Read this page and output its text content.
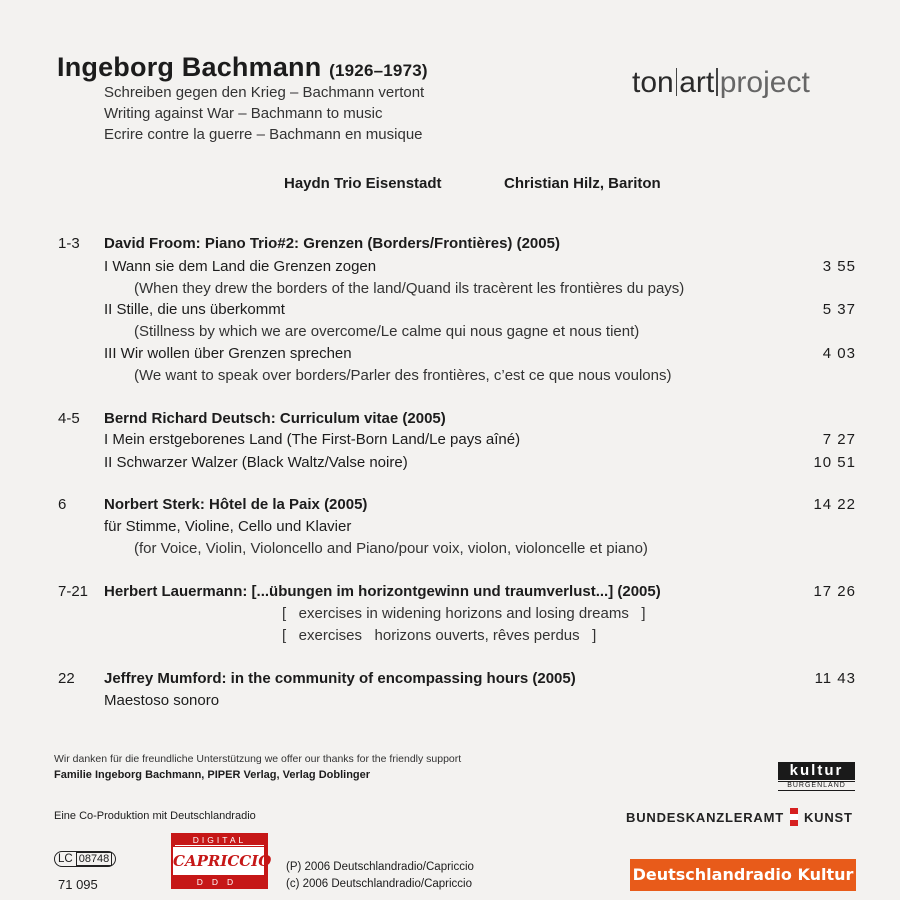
Ingeborg Bachmann (1926–1973)
Schreiben gegen den Krieg – Bachmann vertont
Writing against War – Bachmann to music
Ecrire contre la guerre – Bachmann en musique
ton art project
Haydn Trio Eisenstadt	Christian Hilz, Bariton
1-3 David Froom: Piano Trio#2: Grenzen (Borders/Frontières) (2005)
I Wann sie dem Land die Grenzen zogen	3 55
(When they drew the borders of the land/Quand ils tracèrent les frontières du pays)
II Stille, die uns überkommt	5 37
(Stillness by which we are overcome/Le calme qui nous gagne et nous tient)
III Wir wollen über Grenzen sprechen	4 03
(We want to speak over borders/Parler des frontières, c’est ce que nous voulons)
4-5 Bernd Richard Deutsch: Curriculum vitae (2005)
I Mein erstgeborenes Land (The First-Born Land/Le pays aîné)	7 27
II Schwarzer Walzer (Black Waltz/Valse noire)	10 51
6	Norbert Sterk: Hôtel de la Paix (2005)	14 22
für Stimme, Violine, Cello und Klavier
(for Voice, Violin, Violoncello and Piano/pour voix, violon, violoncelle et piano)
7-21 Herbert Lauermann: [...übungen im horizontgewinn und traumverlust...] (2005)	17 26
[   exercises in widening horizons and losing dreams   ]
[   exercises   horizons ouverts, rêves perdus   ]
22 Jeffrey Mumford: in the community of encompassing hours (2005)	11 43
Maestoso sonoro
Wir danken für die freundliche Unterstützung we offer our thanks for the friendly support
Familie Ingeborg Bachmann, PIPER Verlag, Verlag Doblinger
Eine Co-Produktion mit Deutschlandradio
LC 08748
71 095
DIGITAL
CAPRICCIO
DDD
(P) 2006 Deutschlandradio/Capriccio
(c) 2006 Deutschlandradio/Capriccio
kultur
BURGENLAND
BUNDESKANZLERAMT KUNST
Deutschlandradio Kultur
